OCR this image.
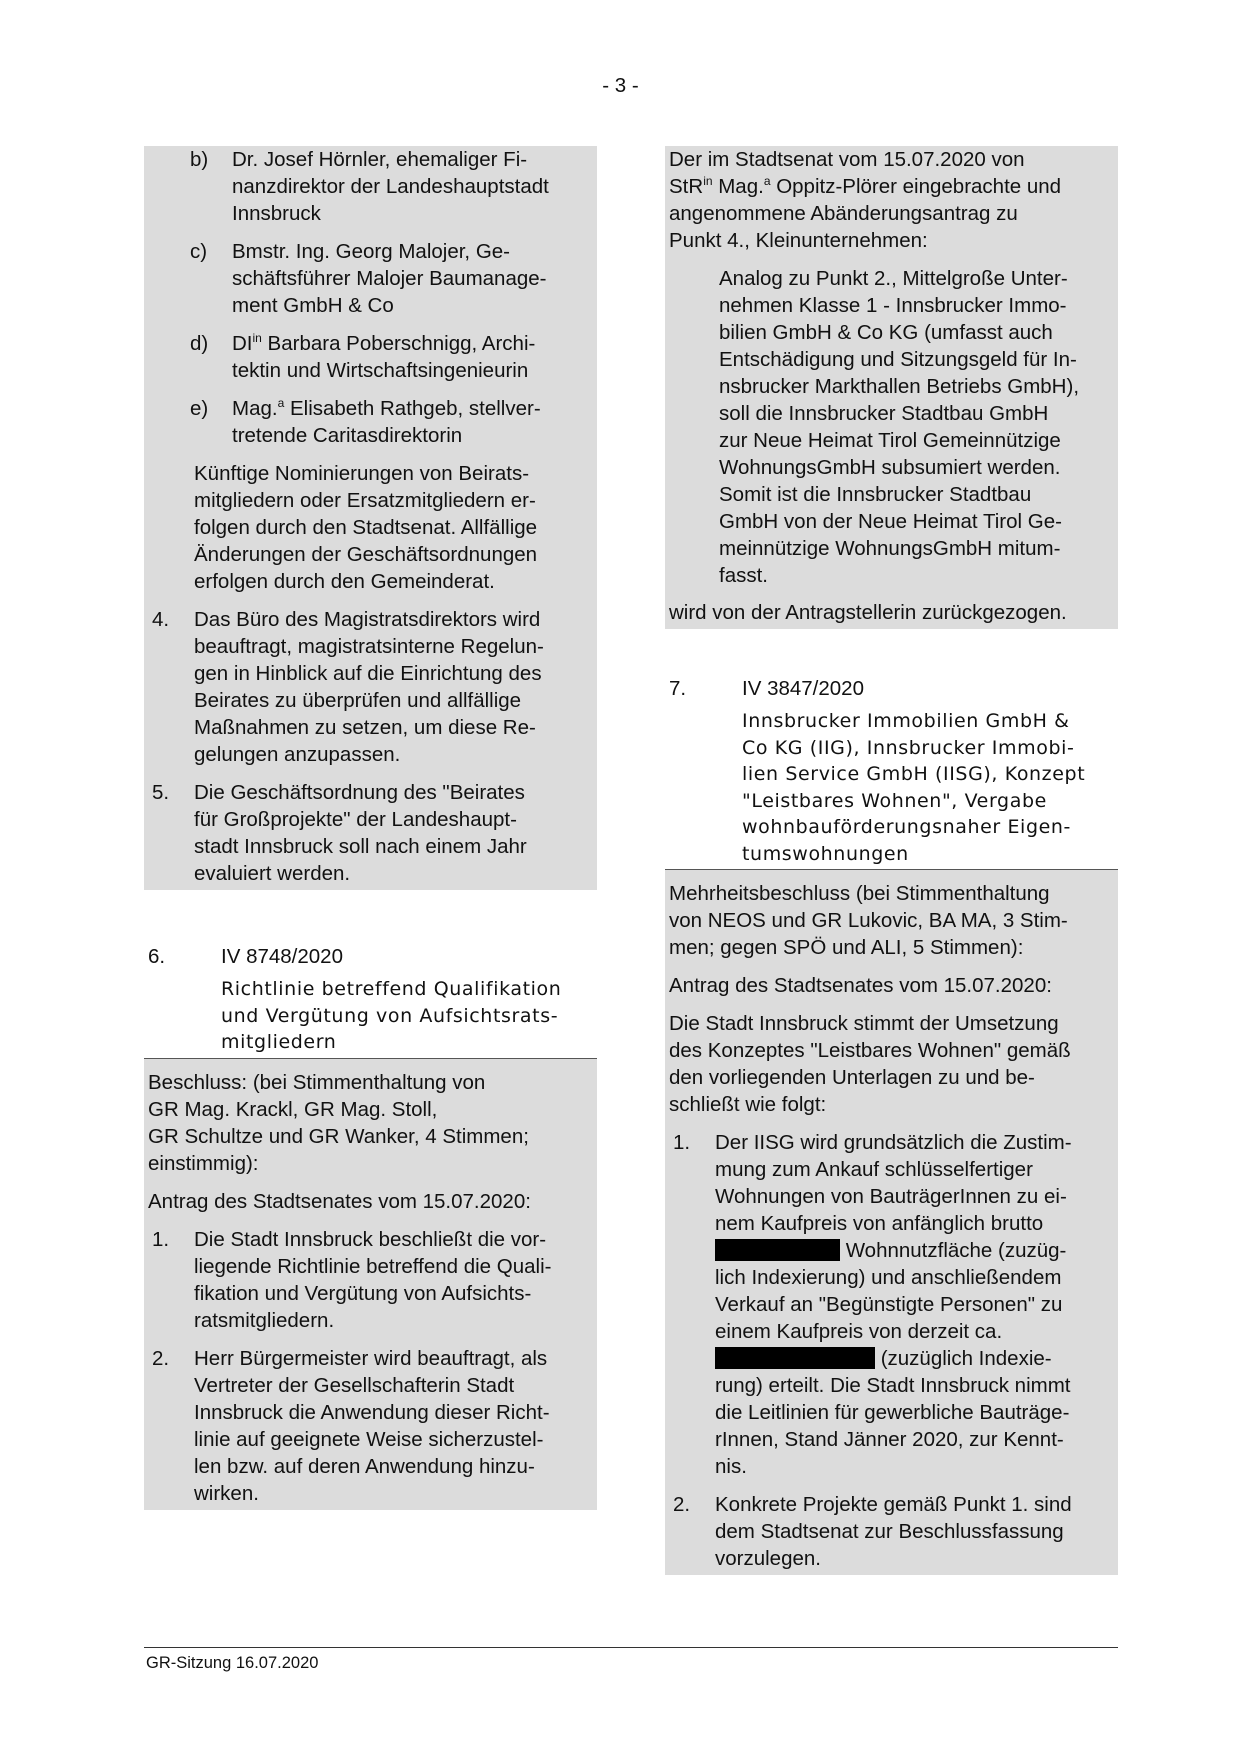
- 3 -
b) Dr. Josef Hörnler, ehemaliger Fi-

nanzdirektor der Landeshauptstadt

Innsbruck

c) Bmstr. Ing. Georg Malojer, Ge-

schäftsführer Malojer Baumanage-

ment GmbH & Co

d) $DI^{in}$ Barbara Poberschnigg, Archi-

tektin und Wirtschaftsingenieurin

e) Mag.$^a$ Elisabeth Rathgeb, stellver-

tretende Caritasdirektorin

Künftige Nominierungen von Beirats-

mitgliedern oder Ersatzmitgliedern er-

folgen durch den Stadtsenat. Allfällige

Änderungen der Geschäftsordnungen

erfolgen durch den Gemeinderat.

4. Das Büro des Magistratsdirektors wird

beauftragt, magistratsinterne Regelun-

gen in Hinblick auf die Einrichtung des

Beirates zu überprüfen und allfällige

Maßnahmen zu setzen, um diese Re-

gelungen anzupassen.

5. Die Geschäftsordnung des "Beirates

für Großprojekte" der Landeshaupt-

stadt Innsbruck soll nach einem Jahr

evaluiert werden.

6.	IV 8748/2020

Richtlinie betreffend Qualifikation

und Vergütung von Aufsichtsrats-

mitgliedern

Beschluss: (bei Stimmenthaltung von

GR Mag. Krackl, GR Mag. Stoll,

GR Schultze und GR Wanker, 4 Stimmen;

einstimmig):

Antrag des Stadtsenates vom 15.07.2020:

1. Die Stadt Innsbruck beschließt die vor-

liegende Richtlinie betreffend die Quali-

fikation und Vergütung von Aufsichts-

ratsmitgliedern.

2. Herr Bürgermeister wird beauftragt, als

Vertreter der Gesellschafterin Stadt

Innsbruck die Anwendung dieser Richt-

linie auf geeignete Weise sicherzustel-

len bzw. auf deren Anwendung hinzu-

wirken.

Der im Stadtsenat vom 15.07.2020 von

StR$^{in}$ Mag.$^a$ Oppitz-Plörer eingebrachte und

angenommene Abänderungsantrag zu

Punkt 4., Kleinunternehmen:

Analog zu Punkt 2., Mittelgroße Unter-

nehmen Klasse 1 - Innsbrucker Immo-

bilien GmbH & Co KG (umfasst auch

Entschädigung und Sitzungsgeld für In-

nsbrucker Markthallen Betriebs GmbH),

soll die Innsbrucker Stadtbau GmbH

zur Neue Heimat Tirol Gemeinnützige

WohnungsGmbH subsumiert werden.

Somit ist die Innsbrucker Stadtbau

GmbH von der Neue Heimat Tirol Ge-

meinnützige WohnungsGmbH mitum-

fasst.

wird von der Antragstellerin zurückgezogen.

7.	IV 3847/2020

Innsbrucker Immobilien GmbH &

Co KG (IIG), Innsbrucker Immobi-

lien Service GmbH (IISG), Konzept

"Leistbares Wohnen", Vergabe

wohnbauförderungsnaher Eigen-

tumswohnungen

Mehrheitsbeschluss (bei Stimmenthaltung

von NEOS und GR Lukovic, BA MA, 3 Stim-

men; gegen SPÖ und ALI, 5 Stimmen):

Antrag des Stadtsenates vom 15.07.2020:

Die Stadt Innsbruck stimmt der Umsetzung

des Konzeptes "Leistbares Wohnen" gemäß

den vorliegenden Unterlagen zu und be-

schließt wie folgt:

1. Der IISG wird grundsätzlich die Zustim-

mung zum Ankauf schlüsselfertiger

Wohnungen von BauträgerInnen zu ei-

nem Kaufpreis von anfänglich brutto

Wohnnutzfläche (zuzüg-

lich Indexierung) und anschließendem

Verkauf an "Begünstigte Personen" zu

einem Kaufpreis von derzeit ca.

(zuzüglich Indexie-

rung) erteilt. Die Stadt Innsbruck nimmt

die Leitlinien für gewerbliche Bauträge-

rInnen, Stand Jänner 2020, zur Kennt-

nis.

2. Konkrete Projekte gemäß Punkt 1. sind

dem Stadtsenat zur Beschlussfassung

vorzulegen.

GR-Sitzung 16.07.2020
